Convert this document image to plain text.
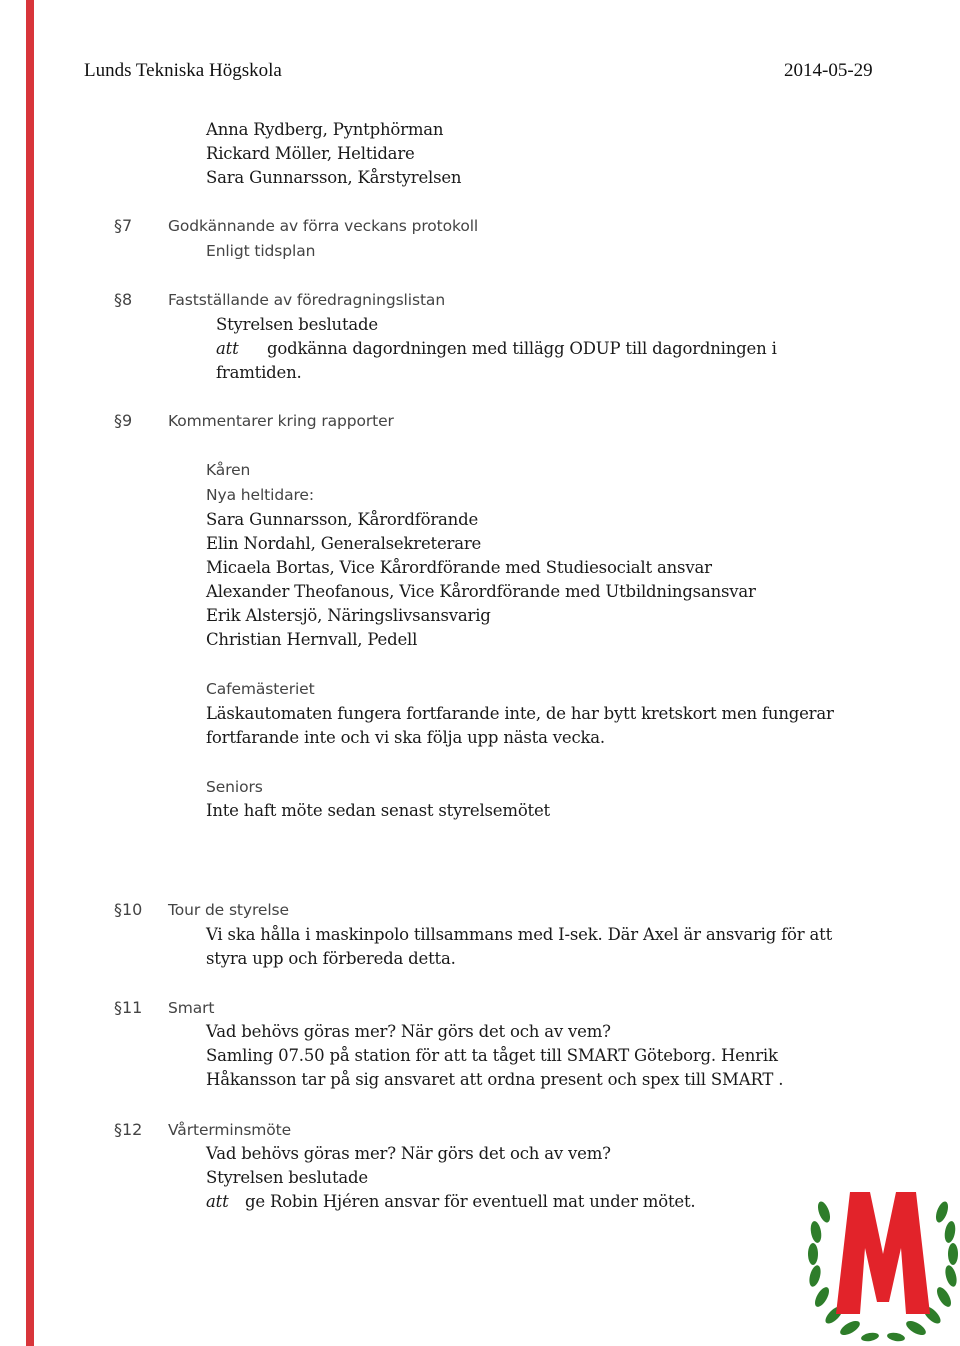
Lunds Tekniska Högskola	2014-05-29
Anna Rydberg, Pyntphörman
Rickard Möller, Heltidare
Sara Gunnarsson, Kårstyrelsen
§7 Godkännande av förra veckans protokoll
Enligt tidsplan
§8 Fastställande av föredragningslistan
Styrelsen beslutade
att godkänna dagordningen med tillägg ODUP till dagordningen i
framtiden.
§9 Kommentarer kring rapporter
Kåren
Nya heltidare:
Sara Gunnarsson, Kårordförande
Elin Nordahl, Generalsekreterare
Micaela Bortas, Vice Kårordförande med Studiesocialt ansvar
Alexander Theofanous, Vice Kårordförande med Utbildningsansvar
Erik Alstersjö, Näringslivsansvarig
Christian Hernvall, Pedell
Cafemästeriet
Läskautomaten fungera fortfarande inte, de har bytt kretskort men fungerar
fortfarande inte och vi ska följa upp nästa vecka.
Seniors
Inte haft möte sedan senast styrelsemötet
§10 Tour de styrelse
Vi ska hålla i maskinpolo tillsammans med I-sek. Där Axel är ansvarig för att
styra upp och förbereda detta.
§11 Smart
Vad behövs göras mer? När görs det och av vem?
Samling 07.50 på station för att ta tåget till SMART Göteborg. Henrik
Håkansson tar på sig ansvaret att ordna present och spex till SMART .
§12 Vårterminsmöte
Vad behövs göras mer? När görs det och av vem?
Styrelsen beslutade
att ge Robin Hjéren ansvar för eventuell mat under mötet.
